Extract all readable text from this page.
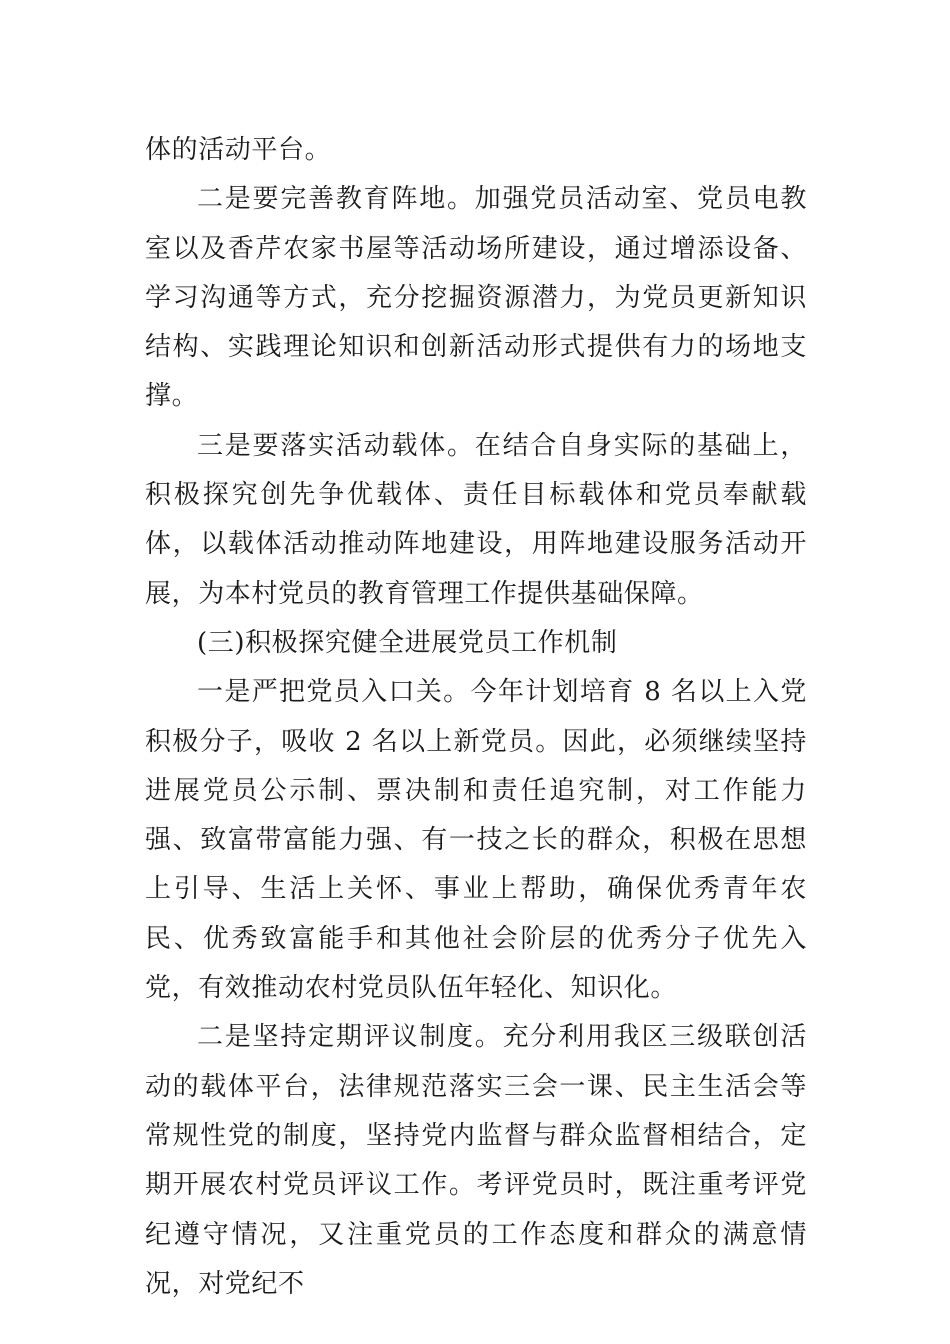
体的活动平台。

二是要完善教育阵地。加强党员活动室、党员电教室以及香芹农家书屋等活动场所建设，通过增添设备、学习沟通等方式，充分挖掘资源潜力，为党员更新知识结构、实践理论知识和创新活动形式提供有力的场地支撑。

三是要落实活动载体。在结合自身实际的基础上，积极探究创先争优载体、责任目标载体和党员奉献载体，以载体活动推动阵地建设，用阵地建设服务活动开展，为本村党员的教育管理工作提供基础保障。

(三)积极探究健全进展党员工作机制

一是严把党员入口关。今年计划培育 8 名以上入党积极分子，吸收 2 名以上新党员。因此，必须继续坚持进展党员公示制、票决制和责任追究制，对工作能力强、致富带富能力强、有一技之长的群众，积极在思想上引导、生活上关怀、事业上帮助，确保优秀青年农民、优秀致富能手和其他社会阶层的优秀分子优先入党，有效推动农村党员队伍年轻化、知识化。

二是坚持定期评议制度。充分利用我区三级联创活动的载体平台，法律规范落实三会一课、民主生活会等常规性党的制度，坚持党内监督与群众监督相结合，定期开展农村党员评议工作。考评党员时，既注重考评党纪遵守情况，又注重党员的工作态度和群众的满意情况，对党纪不
